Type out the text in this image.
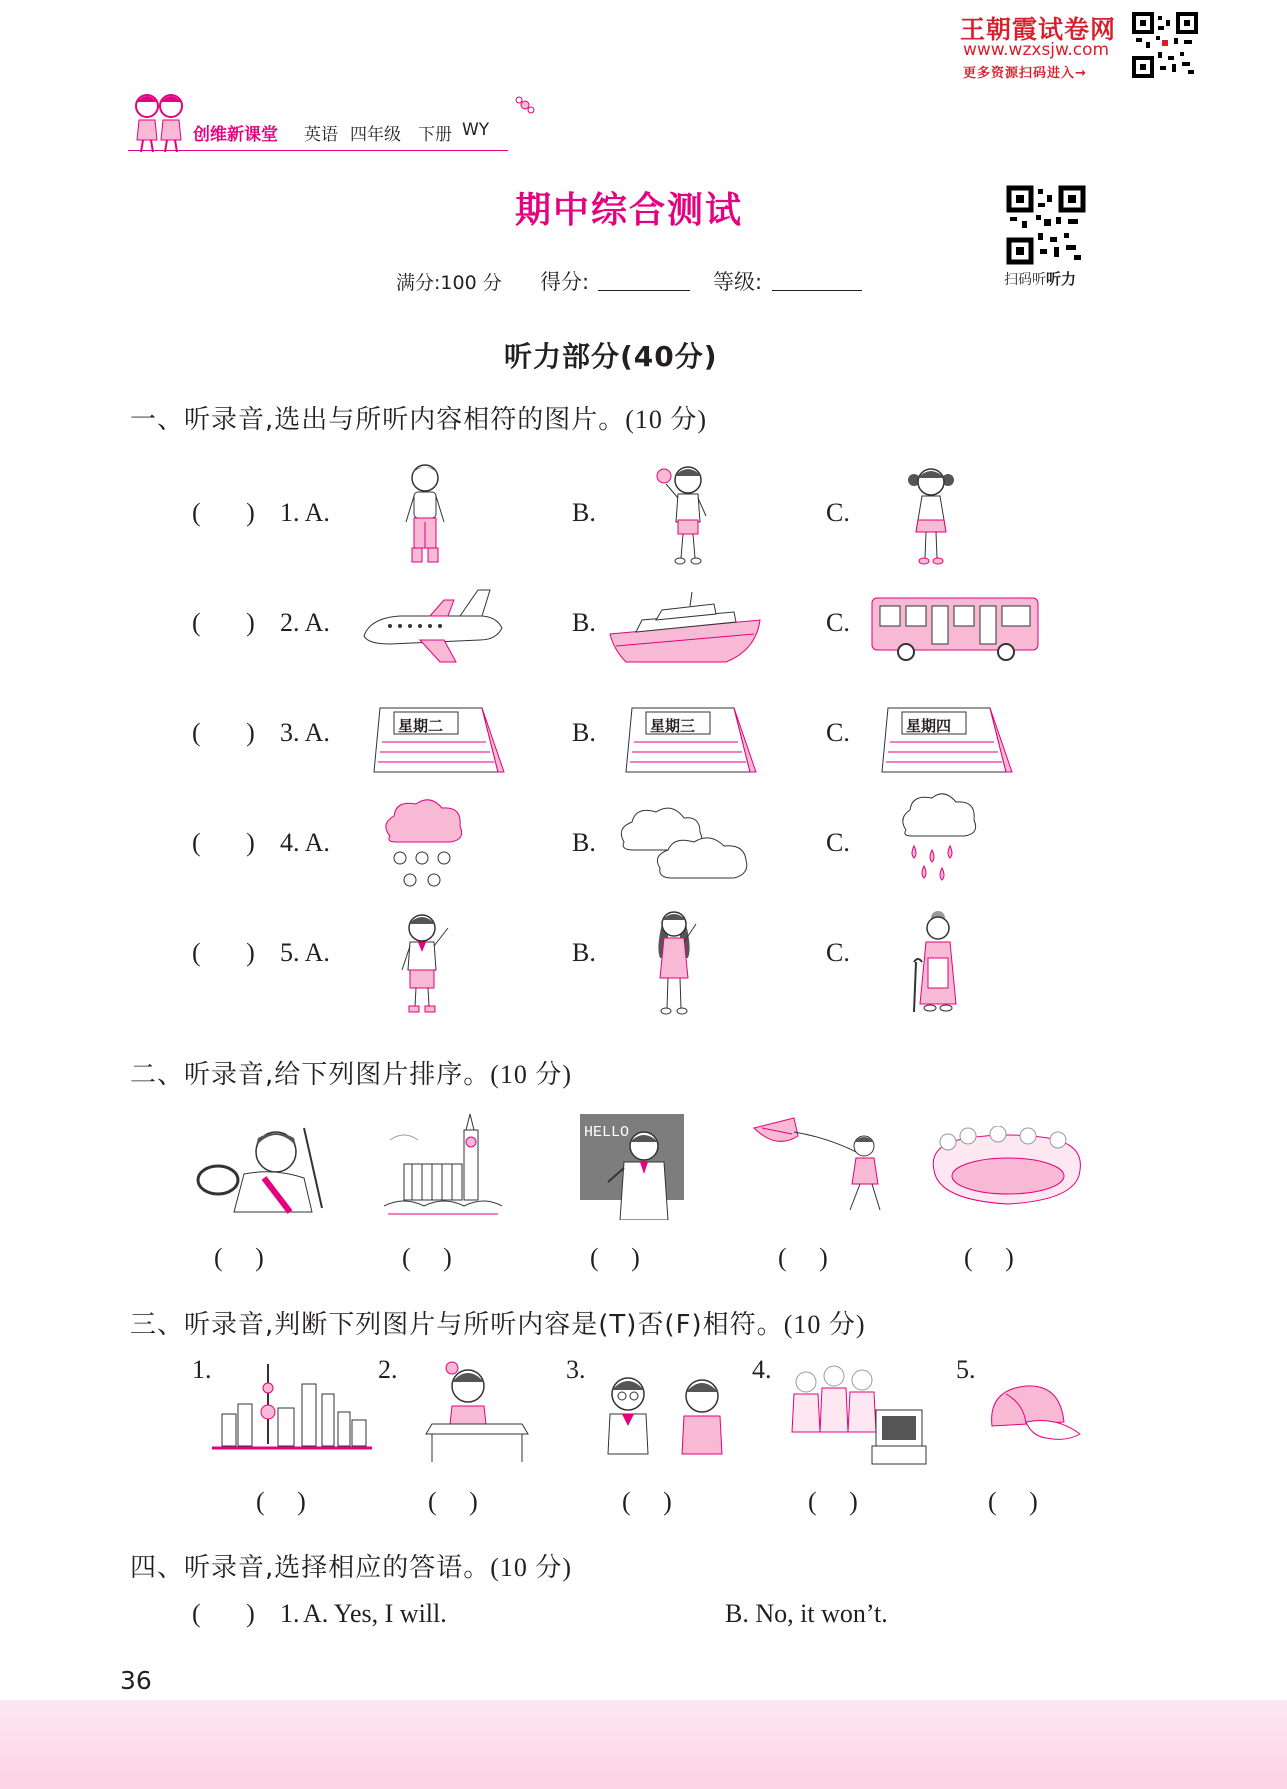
王朝霞试卷网
www.wzxsjw.com
更多资源扫码进入→
创维新课堂 英语 四年级 下册 WY
期中综合测试
满分:100 分 得分:	等级:	扫码听听力
听力部分(40分)
一、听录音,选出与所听内容相符的图片。(10 分)
(       ) 1. A.	B.	C.
(       ) 2. A.	B.	C.
(       ) 3. A.	B.	C.
(       ) 4. A.	B.	C.
(       ) 5. A.	B.	C.
星期二	星期三	星期四
二、听录音,给下列图片排序。(10 分)
HELLO
(     )	(     )	(     )	(     )	(     )
三、听录音,判断下列图片与所听内容是(T)否(F)相符。(10 分)
1.	2.	3.	4.	5.
(     )	(     )	(     )	(     )	(     )
四、听录音,选择相应的答语。(10 分)
(       ) 1. A. Yes, I will.	B. No, it won’t.
36
